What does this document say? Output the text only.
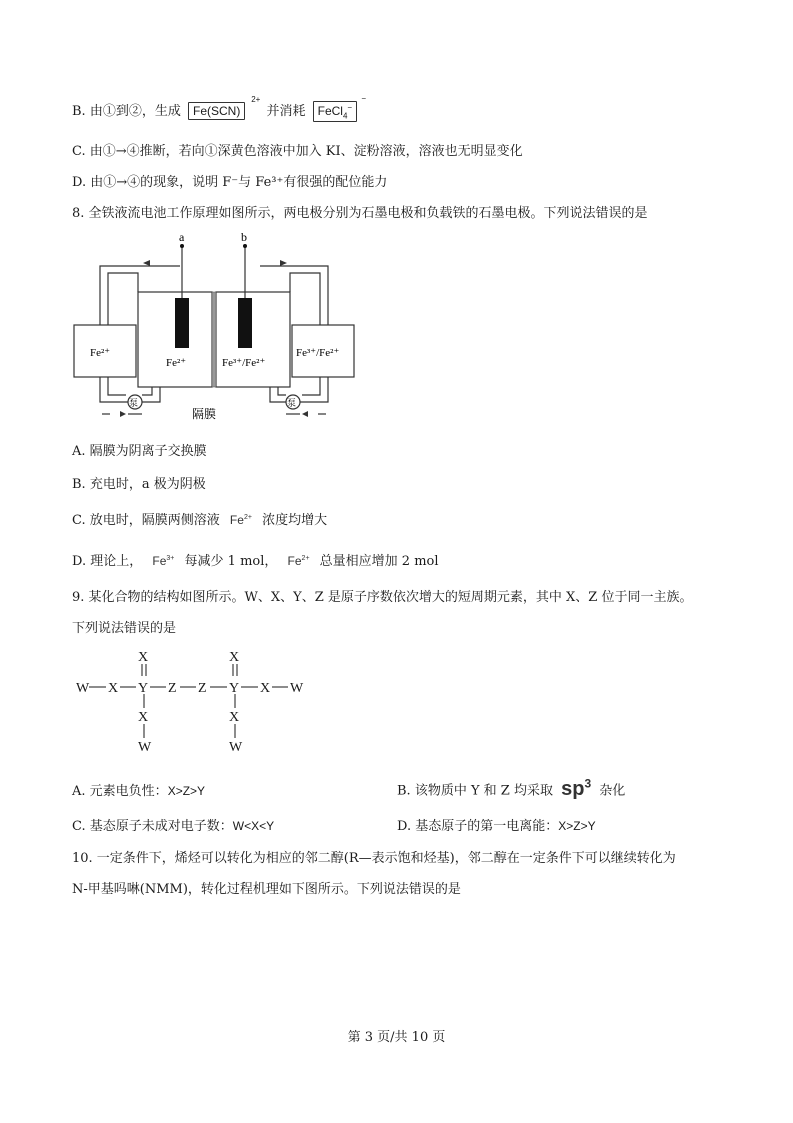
B. 由①到②，生成 Fe(SCN)
2+
并消耗 FeCl$_4$−
−
C. 由①→④推断，若向①深黄色溶液中加入 KI、淀粉溶液，溶液也无明显变化
D. 由①→④的现象，说明 F⁻与 Fe³⁺有很强的配位能力
8. 全铁液流电池工作原理如图所示，两电极分别为石墨电极和负载铁的石墨电极。下列说法错误的是
a	b
Fe²⁺
Fe²⁺	Fe³⁺/Fe²⁺
Fe³⁺/Fe²⁺
泵	泵
隔膜
A. 隔膜为阴离子交换膜
B. 充电时，a 极为阴极
C. 放电时，隔膜两侧溶液 $Fe^{2+}$ 浓度均增大
D. 理论上， $Fe^{3+}$ 每减少 1 mol， $Fe^{2+}$ 总量相应增加 2 mol
9. 某化合物的结构如图所示。W、X、Y、Z 是原子序数依次增大的短周期元素，其中 X、Z 位于同一主族。
下列说法错误的是
W X Y Z Z Y X W
X	X
X	X
W	W
A. 元素电负性：X>Z>Y	B. 该物质中 Y 和 Z 均采取 $sp^3$ 杂化
C. 基态原子未成对电子数：W<X<Y	D. 基态原子的第一电离能：X>Z>Y
10. 一定条件下，烯烃可以转化为相应的邻二醇(R—表示饱和烃基)，邻二醇在一定条件下可以继续转化为
N-甲基吗啉(NMM)，转化过程机理如下图所示。下列说法错误的是
第 3 页/共 10 页
